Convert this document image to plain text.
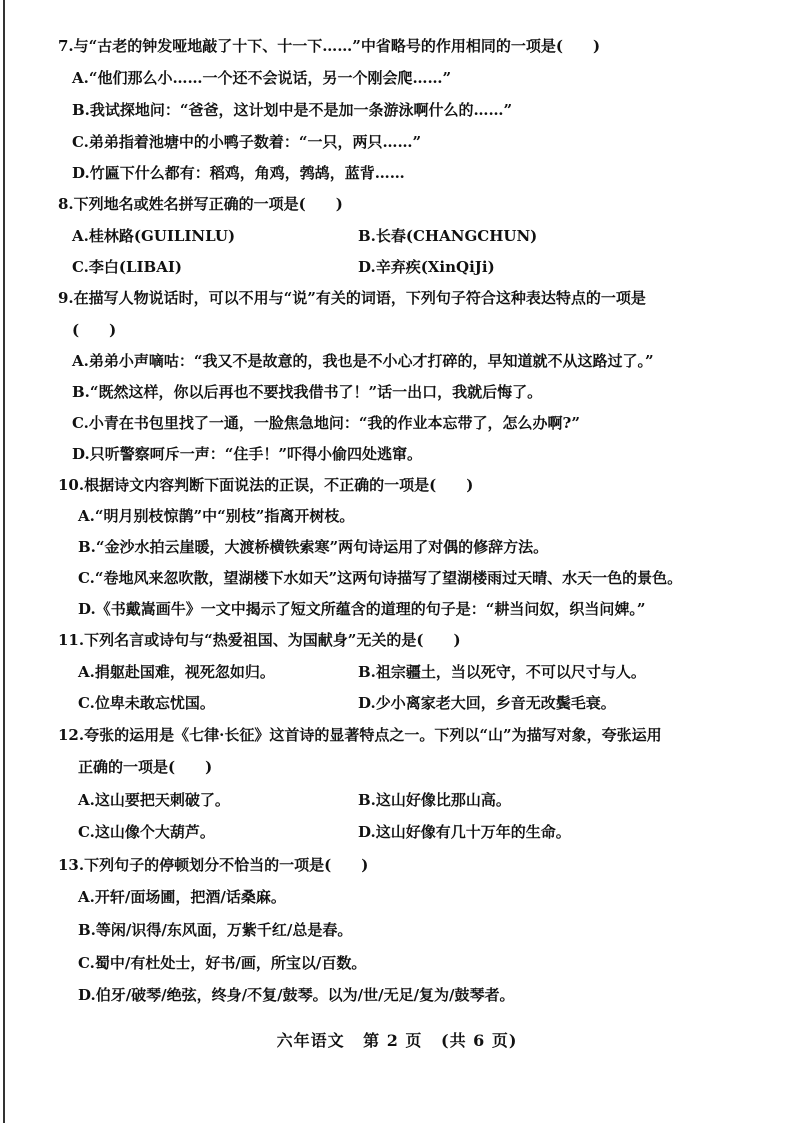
7.与“古老的钟发哑地敲了十下、十一下……”中省略号的作用相同的一项是(　　)
A.“他们那么小……一个还不会说话，另一个刚会爬……”
B.我试探地问：“爸爸，这计划中是不是加一条游泳啊什么的……”
C.弟弟指着池塘中的小鸭子数着：“一只，两只……”
D.竹匾下什么都有：稻鸡，角鸡，鹁鸪，蓝背……
8.下列地名或姓名拼写正确的一项是(　　)
A.桂林路(GUILINLU)	B.长春(CHANGCHUN)
C.李白(LIBAI)	D.辛弃疾(XinQiJi)
9.在描写人物说话时，可以不用与“说”有关的词语，下列句子符合这种表达特点的一项是
(　　)
A.弟弟小声嘀咕：“我又不是故意的，我也是不小心才打碎的，早知道就不从这路过了。”
B.“既然这样，你以后再也不要找我借书了！”话一出口，我就后悔了。
C.小青在书包里找了一通，一脸焦急地问：“我的作业本忘带了，怎么办啊?”
D.只听警察呵斥一声：“住手！”吓得小偷四处逃窜。
10.根据诗文内容判断下面说法的正误，不正确的一项是(　　)
A.“明月别枝惊鹊”中“别枝”指离开树枝。
B.“金沙水拍云崖暖，大渡桥横铁索寒”两句诗运用了对偶的修辞方法。
C.“卷地风来忽吹散，望湖楼下水如天”这两句诗描写了望湖楼雨过天晴、水天一色的景色。
D.《书戴嵩画牛》一文中揭示了短文所蕴含的道理的句子是：“耕当问奴，织当问婢。”
11.下列名言或诗句与“热爱祖国、为国献身”无关的是(　　)
A.捐躯赴国难，视死忽如归。	B.祖宗疆土，当以死守，不可以尺寸与人。
C.位卑未敢忘忧国。	D.少小离家老大回，乡音无改鬓毛衰。
12.夸张的运用是《七律·长征》这首诗的显著特点之一。下列以“山”为描写对象，夸张运用
正确的一项是(　　)
A.这山要把天刺破了。	B.这山好像比那山高。
C.这山像个大葫芦。	D.这山好像有几十万年的生命。
13.下列句子的停顿划分不恰当的一项是(　　)
A.开轩/面场圃，把酒/话桑麻。
B.等闲/识得/东风面，万紫千红/总是春。
C.蜀中/有杜处士，好书/画，所宝以/百数。
D.伯牙/破琴/绝弦，终身/不复/鼓琴。以为/世/无足/复为/鼓琴者。
六年语文 第 2 页 (共 6 页)
